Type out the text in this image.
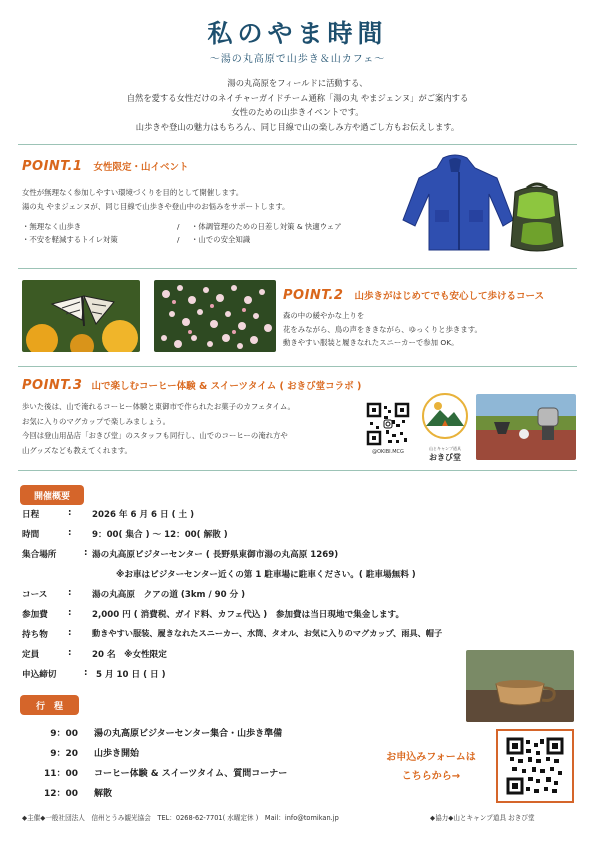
私のやま時間
〜湯の丸高原で山歩き＆山カフェ〜
湯の丸高原をフィールドに活動する、
自然を愛する女性だけのネイチャーガイドチーム通称「湯の丸 やまジェンヌ」がご案内する
女性のための山歩きイベントです。
山歩きや登山の魅力はもちろん、同じ目線で山の楽しみ方や過ごし方もお伝えします。
POINT.1 女性限定・山イベント
女性が無理なく参加しやすい環境づくりを目的として開催します。
湯の丸 やまジェンヌが、同じ目線で山歩きや登山中のお悩みをサポートします。
・無理なく山歩き	/	・体調管理のための日差し対策 & 快適ウェア
・不安を軽減するトイレ対策	/	・山での安全知識
POINT.2 山歩きがはじめてでも安心して歩けるコース
森の中の緩やかな上りを
花をみながら、鳥の声をききながら、ゆっくりと歩きます。
動きやすい服装と履きなれたスニーカーで参加 OK。
POINT.3 山で楽しむコーヒー体験 & スイーツタイム ( おきび堂コラボ )
歩いた後は、山で淹れるコーヒー体験と東御市で作られたお菓子のカフェタイム。
お気に入りのマグカップで楽しみましょう。
今回は登山用品店「おきび堂」のスタッフも同行し、山でのコーヒーの淹れ方や
山グッズなども教えてくれます。	@OKIBI.MCG
山とキャンプ道具
おきび堂
開催概要
日程	:	2026 年 6 月 6 日 ( 土 )
時間	:	9：00( 集合 ) 〜 12：00( 解散 )
集合場所	: 湯の丸高原ビジターセンター ( 長野県東御市湯の丸高原 1269)
※お車はビジターセンター近くの第 1 駐車場に駐車ください。( 駐車場無料 )
コース	:	湯の丸高原　クアの道 (3km / 90 分 )
参加費	:	2,000 円 ( 消費税、ガイド料、カフェ代込 )　参加費は当日現地で集金します。
持ち物	:	動きやすい服装、履きなれたスニーカー、水筒、タオル、お気に入りのマグカップ、雨具、帽子
定員	:	20 名　※女性限定
申込締切	: 5 月 10 日 ( 日 )
行　程
9：00	湯の丸高原ビジターセンター集合・山歩き準備
9：20	山歩き開始
11：00	コーヒー体験 & スイーツタイム、質問コーナー
12：00	解散
お申込みフォームは
こちらから→
◆主催◆一般社団法人　信州とうみ観光協会　TEL：0268-62-7701( 水曜定休 )　Mail：info@tomikan.jp	◆協力◆山とキャンプ道具 おきび堂
